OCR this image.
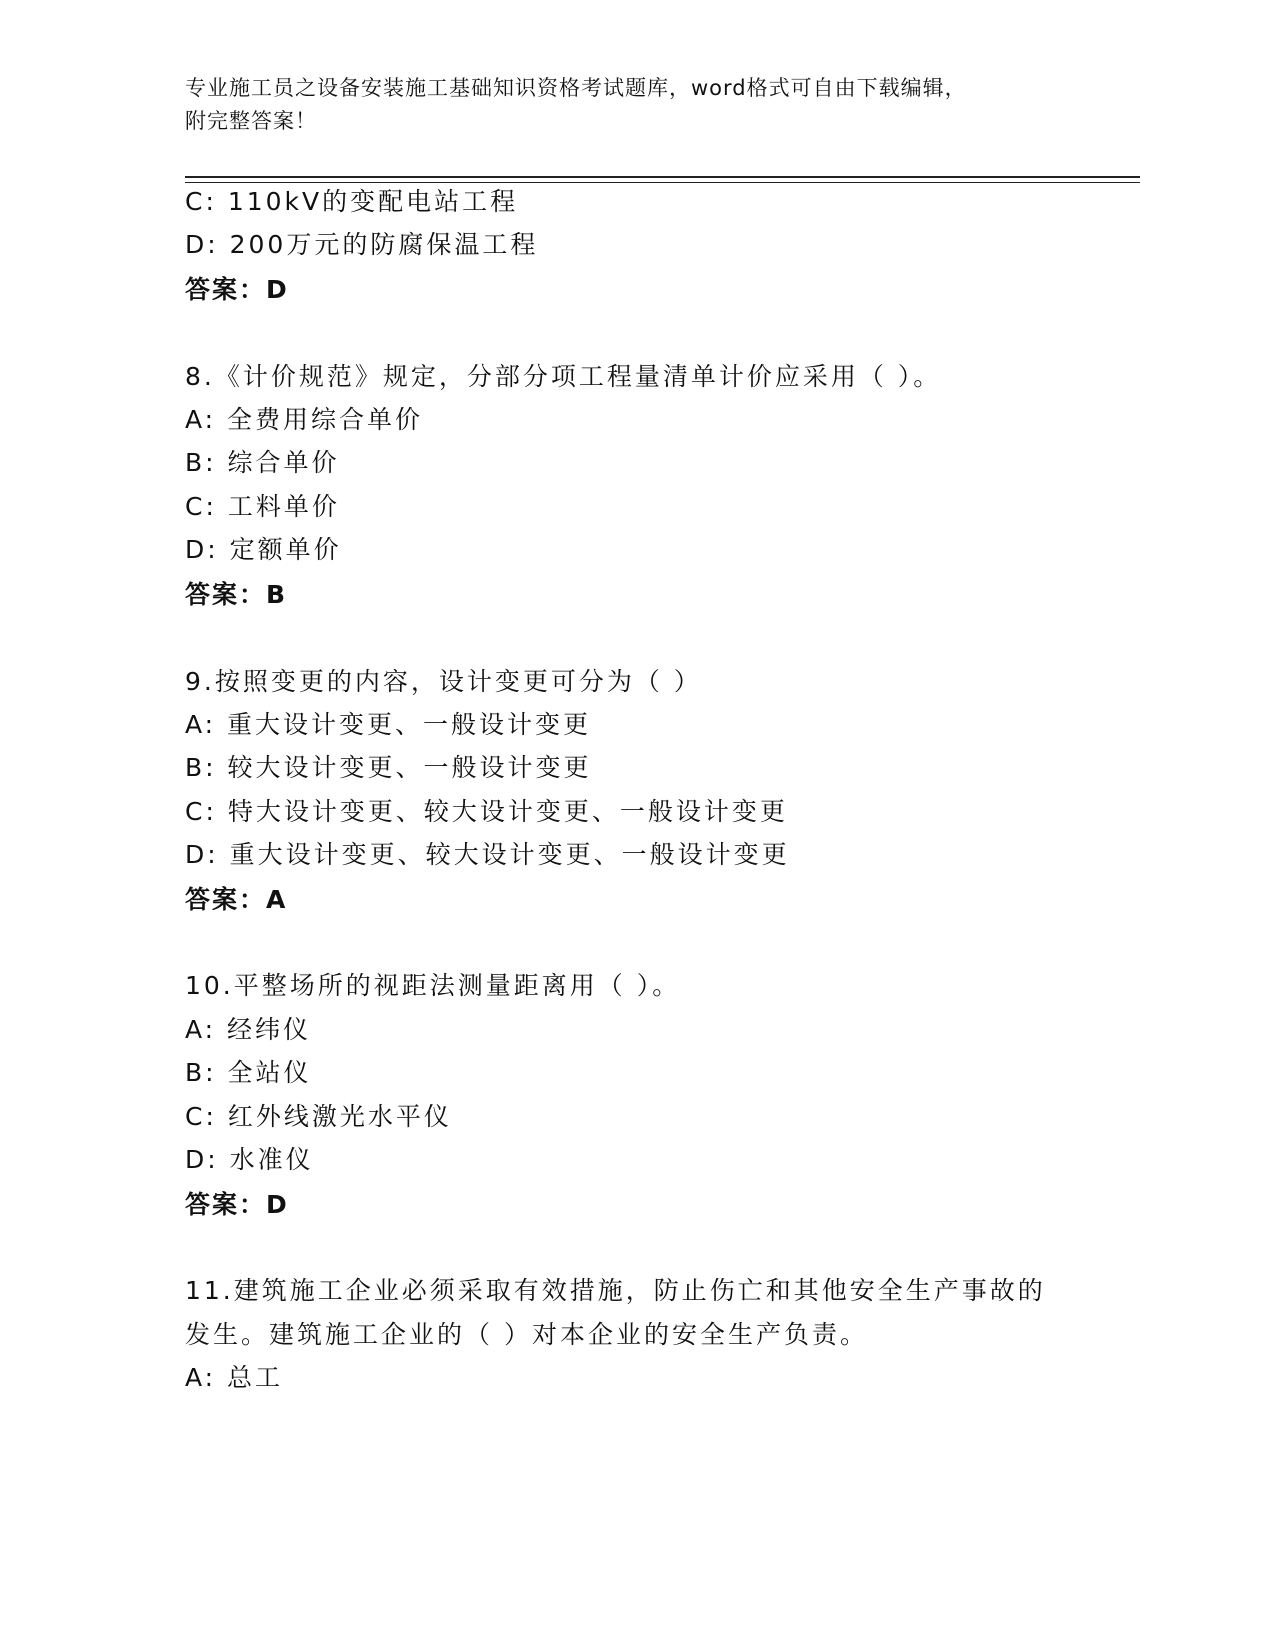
专业施工员之设备安装施工基础知识资格考试题库，word格式可自由下载编辑，
附完整答案！
C: 110kV的变配电站工程
D: 200万元的防腐保温工程
答案：D
8.《计价规范》规定，分部分项工程量清单计价应采用（ ）。
A: 全费用综合单价
B: 综合单价
C: 工料单价
D: 定额单价
答案：B
9.按照变更的内容，设计变更可分为（ ）
A: 重大设计变更、一般设计变更
B: 较大设计变更、一般设计变更
C: 特大设计变更、较大设计变更、一般设计变更
D: 重大设计变更、较大设计变更、一般设计变更
答案：A
10.平整场所的视距法测量距离用（ ）。
A: 经纬仪
B: 全站仪
C: 红外线激光水平仪
D: 水准仪
答案：D
11.建筑施工企业必须采取有效措施，防止伤亡和其他安全生产事故的
发生。建筑施工企业的（ ）对本企业的安全生产负责。
A: 总工
